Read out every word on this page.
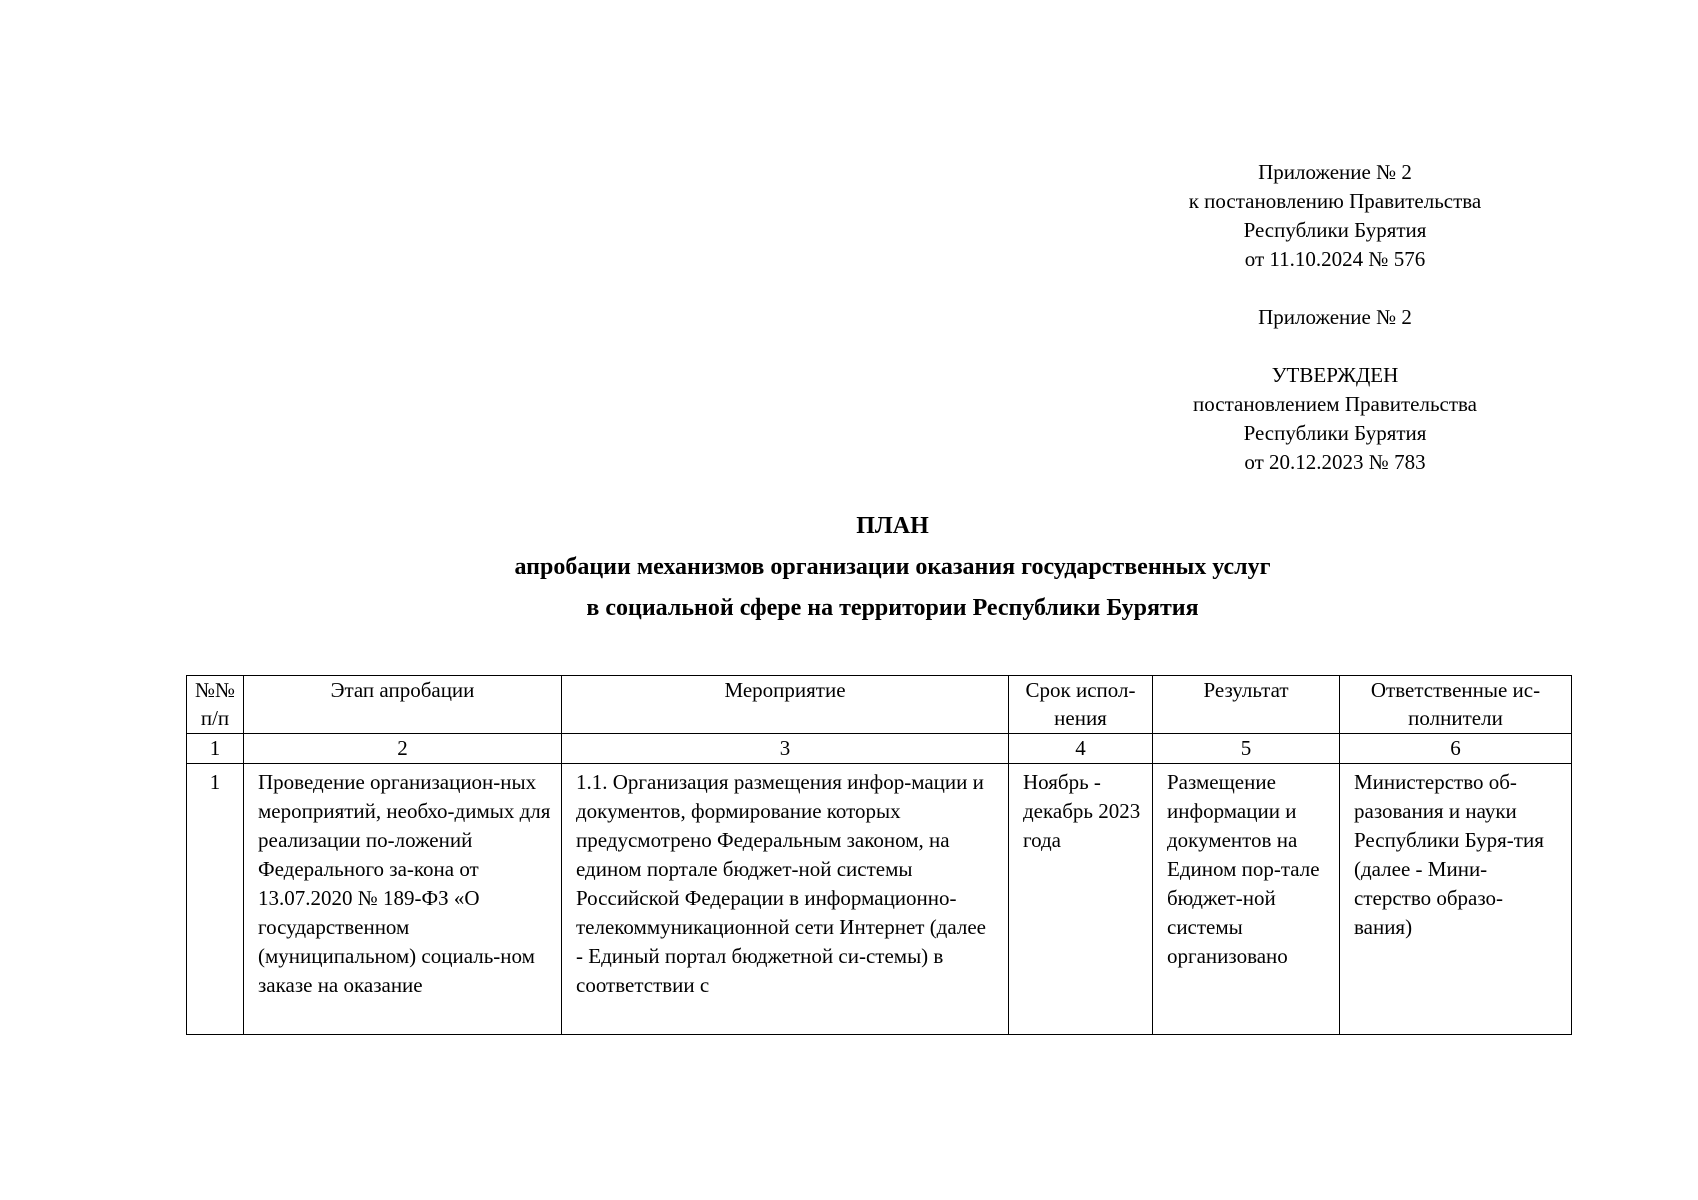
Приложение № 2
к постановлению Правительства
Республики Бурятия
от 11.10.2024 № 576
Приложение № 2
УТВЕРЖДЕН
постановлением Правительства
Республики Бурятия
от 20.12.2023 № 783
ПЛАН
апробации механизмов организации оказания государственных услуг
в социальной сфере на территории Республики Бурятия
№№ п/п	Этап апробации	Мероприятие	Срок испол-нения	Результат	Ответственные ис-полнители
1	2	3	4	5	6
1	Проведение организацион-ных мероприятий, необхо-димых для реализации по-ложений Федерального за-кона от 13.07.2020 № 189-ФЗ «О государственном (муниципальном) социаль-ном заказе на оказание	1.1. Организация размещения инфор-мации и документов, формирование которых предусмотрено Федеральным законом, на едином портале бюджет-ной системы Российской Федерации в информационно-телекоммуникационной сети Интернет (далее - Единый портал бюджетной си-стемы) в соответствии с	Ноябрь - декабрь 2023 года	Размещение информации и документов на Едином пор-тале бюджет-ной системы организовано	Министерство об-разования и науки Республики Буря-тия (далее - Мини-стерство образо-вания)
